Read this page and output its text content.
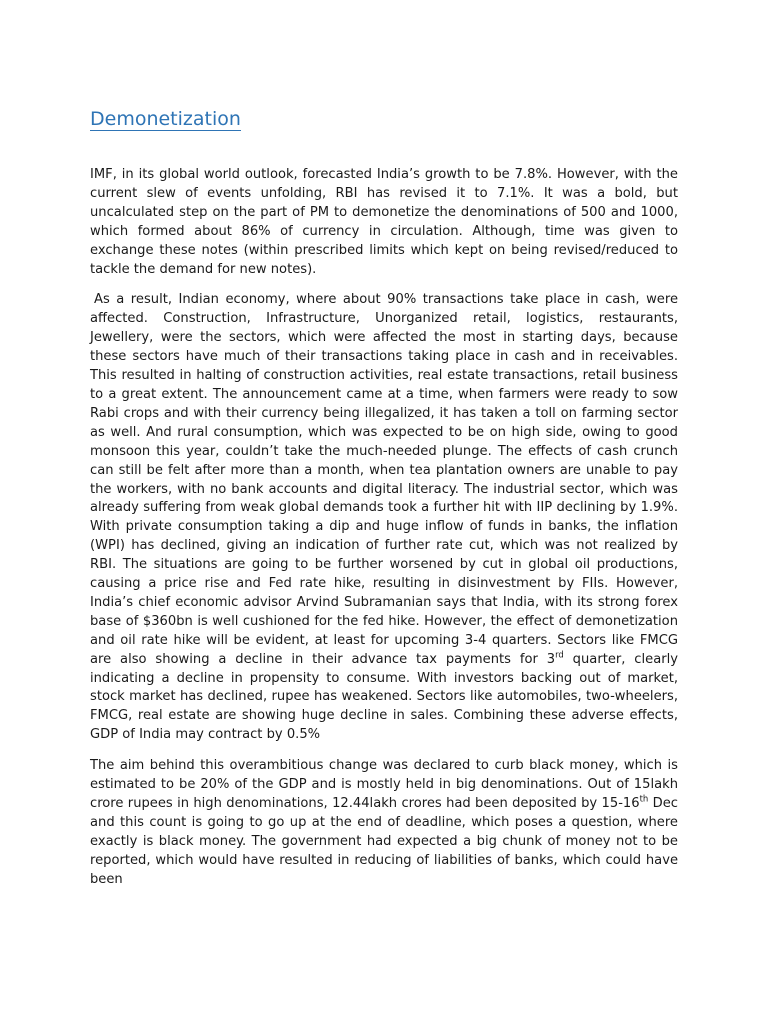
Demonetization

IMF, in its global world outlook, forecasted India’s growth to be 7.8%. However, with the current slew of events unfolding, RBI has revised it to 7.1%. It was a bold, but uncalculated step on the part of PM to demonetize the denominations of 500 and 1000, which formed about 86% of currency in circulation. Although, time was given to exchange these notes (within prescribed limits which kept on being revised/reduced to tackle the demand for new notes).

As a result, Indian economy, where about 90% transactions take place in cash, were affected. Construction, Infrastructure, Unorganized retail, logistics, restaurants, Jewellery, were the sectors, which were affected the most in starting days, because these sectors have much of their transactions taking place in cash and in receivables. This resulted in halting of construction activities, real estate transactions, retail business to a great extent. The announcement came at a time, when farmers were ready to sow Rabi crops and with their currency being illegalized, it has taken a toll on farming sector as well. And rural consumption, which was expected to be on high side, owing to good monsoon this year, couldn’t take the much-needed plunge. The effects of cash crunch can still be felt after more than a month, when tea plantation owners are unable to pay the workers, with no bank accounts and digital literacy. The industrial sector, which was already suffering from weak global demands took a further hit with IIP declining by 1.9%. With private consumption taking a dip and huge inflow of funds in banks, the inflation (WPI) has declined, giving an indication of further rate cut, which was not realized by RBI. The situations are going to be further worsened by cut in global oil productions, causing a price rise and Fed rate hike, resulting in disinvestment by FIIs. However, India’s chief economic advisor Arvind Subramanian says that India, with its strong forex base of $360bn is well cushioned for the fed hike. However, the effect of demonetization and oil rate hike will be evident, at least for upcoming 3-4 quarters. Sectors like FMCG are also showing a decline in their advance tax payments for 3rd quarter, clearly indicating a decline in propensity to consume. With investors backing out of market, stock market has declined, rupee has weakened. Sectors like automobiles, two-wheelers, FMCG, real estate are showing huge decline in sales. Combining these adverse effects, GDP of India may contract by 0.5%

The aim behind this overambitious change was declared to curb black money, which is estimated to be 20% of the GDP and is mostly held in big denominations. Out of 15lakh crore rupees in high denominations, 12.44lakh crores had been deposited by 15-16th Dec and this count is going to go up at the end of deadline, which poses a question, where exactly is black money. The government had expected a big chunk of money not to be reported, which would have resulted in reducing of liabilities of banks, which could have been
